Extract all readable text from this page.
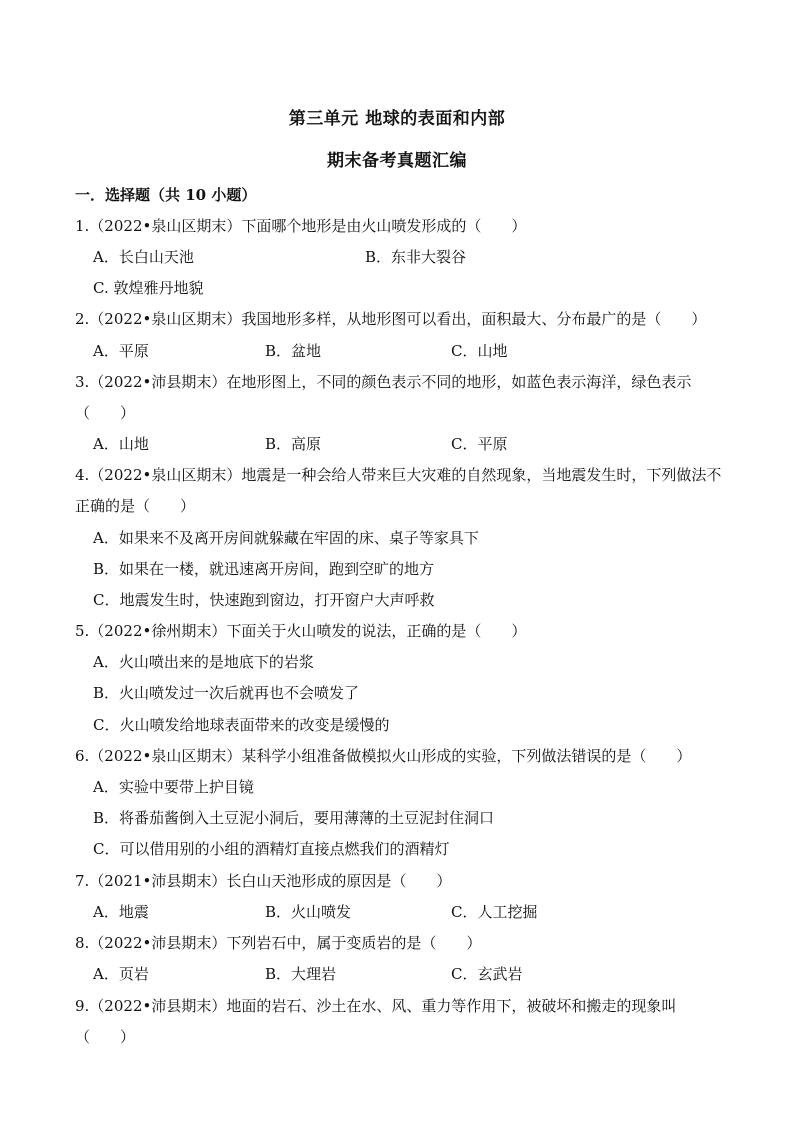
第三单元 地球的表面和内部
期末备考真题汇编
一．选择题（共 10 小题）
1.（2022•泉山区期末）下面哪个地形是由火山喷发形成的（　　）
A．长白山天池	B．东非大裂谷
C. 敦煌雅丹地貌
2.（2022•泉山区期末）我国地形多样，从地形图可以看出，面积最大、分布最广的是（　　）
A．平原	B．盆地	C．山地
3.（2022•沛县期末）在地形图上，不同的颜色表示不同的地形，如蓝色表示海洋，绿色表示（　　）
A．山地	B．高原	C．平原
4.（2022•泉山区期末）地震是一种会给人带来巨大灾难的自然现象，当地震发生时，下列做法不正确的是（　　）
A．如果来不及离开房间就躲藏在牢固的床、桌子等家具下
B．如果在一楼，就迅速离开房间，跑到空旷的地方
C．地震发生时，快速跑到窗边，打开窗户大声呼救
5.（2022•徐州期末）下面关于火山喷发的说法，正确的是（　　）
A．火山喷出来的是地底下的岩浆
B．火山喷发过一次后就再也不会喷发了
C．火山喷发给地球表面带来的改变是缓慢的
6.（2022•泉山区期末）某科学小组准备做模拟火山形成的实验，下列做法错误的是（　　）
A．实验中要带上护目镜
B．将番茄酱倒入土豆泥小洞后，要用薄薄的土豆泥封住洞口
C．可以借用别的小组的酒精灯直接点燃我们的酒精灯
7.（2021•沛县期末）长白山天池形成的原因是（　　）
A．地震	B．火山喷发	C．人工挖掘
8.（2022•沛县期末）下列岩石中，属于变质岩的是（　　）
A．页岩	B．大理岩	C．玄武岩
9.（2022•沛县期末）地面的岩石、沙土在水、风、重力等作用下，被破坏和搬走的现象叫（　　）
